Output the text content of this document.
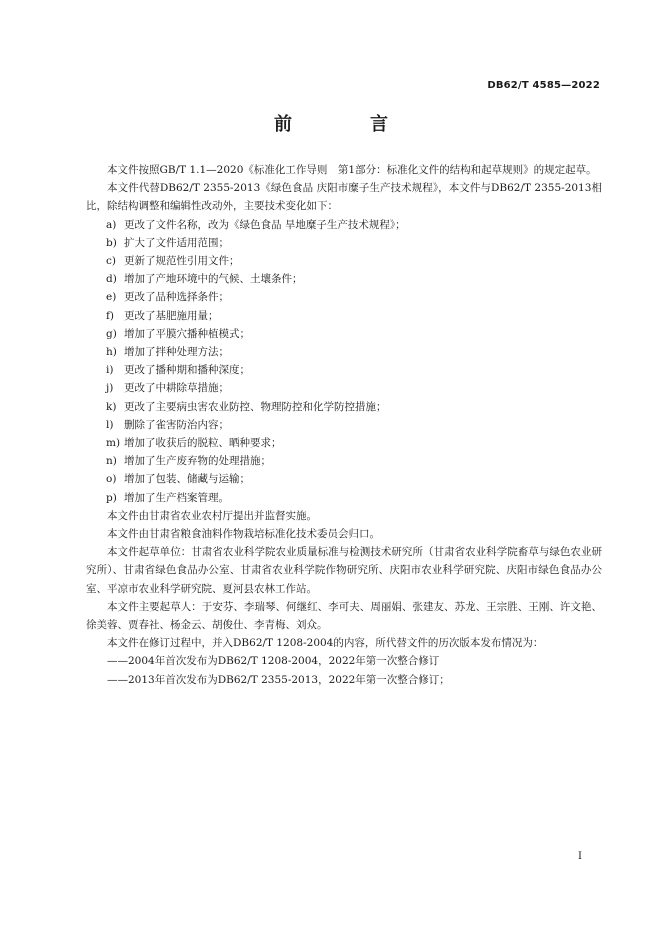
DB62/T 4585—2022
前　言

本文件按照GB/T 1.1—2020《标准化工作导则　第1部分：标准化文件的结构和起草规则》的规定起草。

本文件代替DB62/T 2355-2013《绿色食品 庆阳市糜子生产技术规程》，本文件与DB62/T 2355-2013相比，除结构调整和编辑性改动外，主要技术变化如下：

a) 更改了文件名称，改为《绿色食品 旱地糜子生产技术规程》；

b) 扩大了文件适用范围；

c) 更新了规范性引用文件；

d) 增加了产地环境中的气候、土壤条件；

e) 更改了品种选择条件；

f) 更改了基肥施用量；

g) 增加了平膜穴播种植模式；

h) 增加了拌种处理方法；

i) 更改了播种期和播种深度；

j) 更改了中耕除草措施；

k) 更改了主要病虫害农业防控、物理防控和化学防控措施；

l) 删除了雀害防治内容；

m) 增加了收获后的脱粒、晒种要求；

n) 增加了生产废弃物的处理措施；

o) 增加了包装、储藏与运输；

p) 增加了生产档案管理。

本文件由甘肃省农业农村厅提出并监督实施。

本文件由甘肃省粮食油料作物栽培标准化技术委员会归口。

本文件起草单位：甘肃省农业科学院农业质量标准与检测技术研究所（甘肃省农业科学院畜草与绿色农业研究所）、甘肃省绿色食品办公室、甘肃省农业科学院作物研究所、庆阳市农业科学研究院、庆阳市绿色食品办公室、平凉市农业科学研究院、夏河县农林工作站。

本文件主要起草人：于安芬、李瑞琴、何继红、李可夫、周丽娟、张建友、苏龙、王宗胜、王刚、许文艳、徐美蓉、贾春社、杨金云、胡俊仕、李青梅、刘众。

本文件在修订过程中，并入DB62/T 1208-2004的内容，所代替文件的历次版本发布情况为：

——2004年首次发布为DB62/T 1208-2004，2022年第一次整合修订

——2013年首次发布为DB62/T 2355-2013，2022年第一次整合修订；

I
